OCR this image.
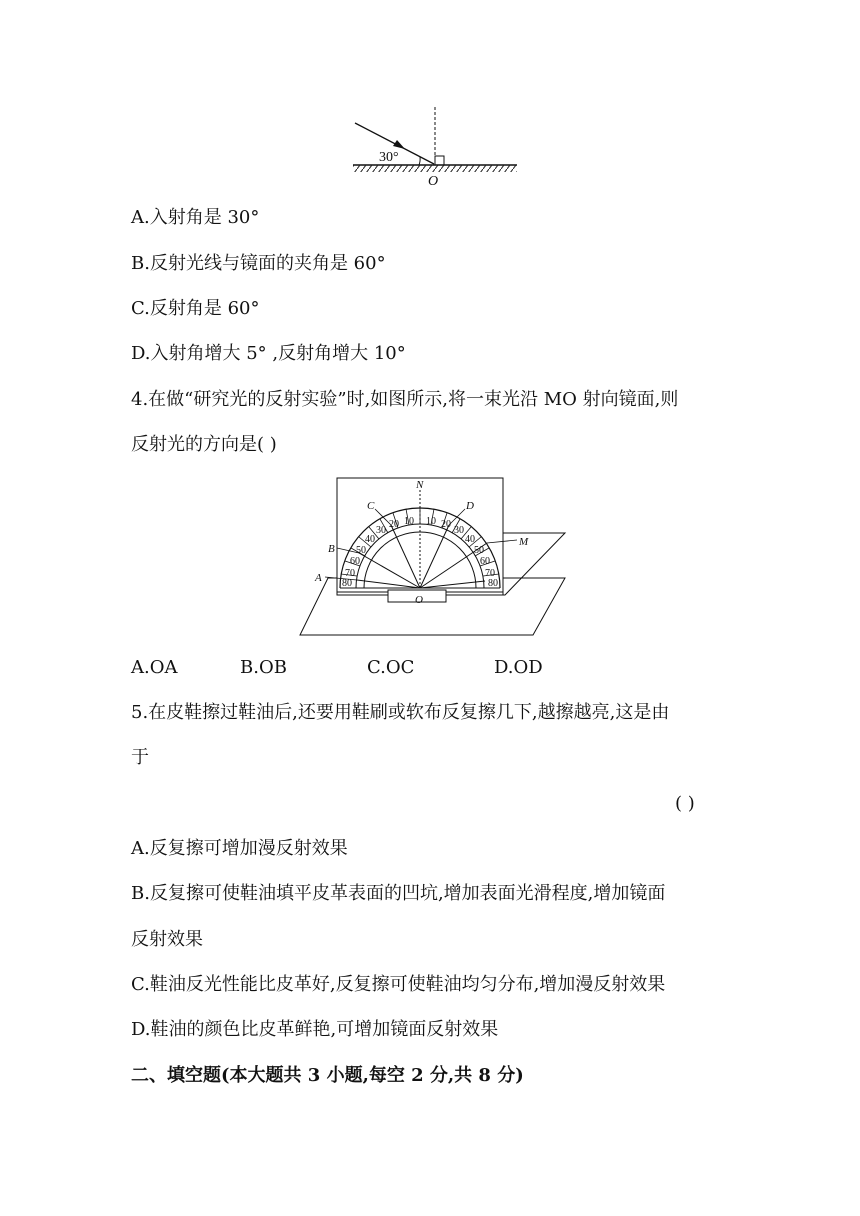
30°
O
A.入射角是 30°
B.反射光线与镜面的夹角是 60°
C.反射角是 60°
D.入射角增大 5° ,反射角增大 10°
4.在做“研究光的反射实验”时,如图所示,将一束光沿 MO 射向镜面,则
反射光的方向是( )
10
20
30
40
50
60
70
80
10 20
30
40
50
60
70
80
N
C	D
B
A
M
O
A.OA	B.OB	C.OC	D.OD
5.在皮鞋擦过鞋油后,还要用鞋刷或软布反复擦几下,越擦越亮,这是由
于
( )
A.反复擦可增加漫反射效果
B.反复擦可使鞋油填平皮革表面的凹坑,增加表面光滑程度,增加镜面
反射效果
C.鞋油反光性能比皮革好,反复擦可使鞋油均匀分布,增加漫反射效果
D.鞋油的颜色比皮革鲜艳,可增加镜面反射效果
二、填空题(本大题共 3 小题,每空 2 分,共 8 分)
